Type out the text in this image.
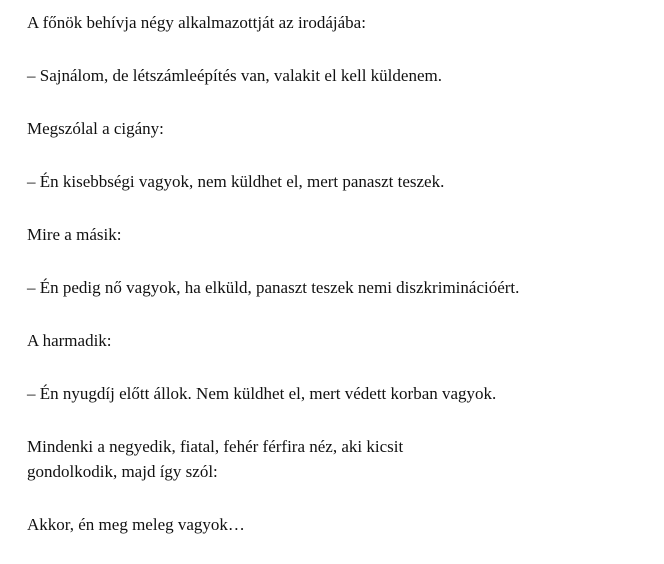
A főnök behívja négy alkalmazottját az irodájába:

– Sajnálom, de létszámleépítés van, valakit el kell küldenem.

Megszólal a cigány:

– Én kisebbségi vagyok, nem küldhet el, mert panaszt teszek.

Mire a másik:

– Én pedig nő vagyok, ha elküld, panaszt teszek nemi diszkriminációért.

A harmadik:

– Én nyugdíj előtt állok. Nem küldhet el, mert védett korban vagyok.

Mindenki a negyedik, fiatal, fehér férfira néz, aki kicsit
gondolkodik, majd így szól:

Akkor, én meg meleg vagyok…
